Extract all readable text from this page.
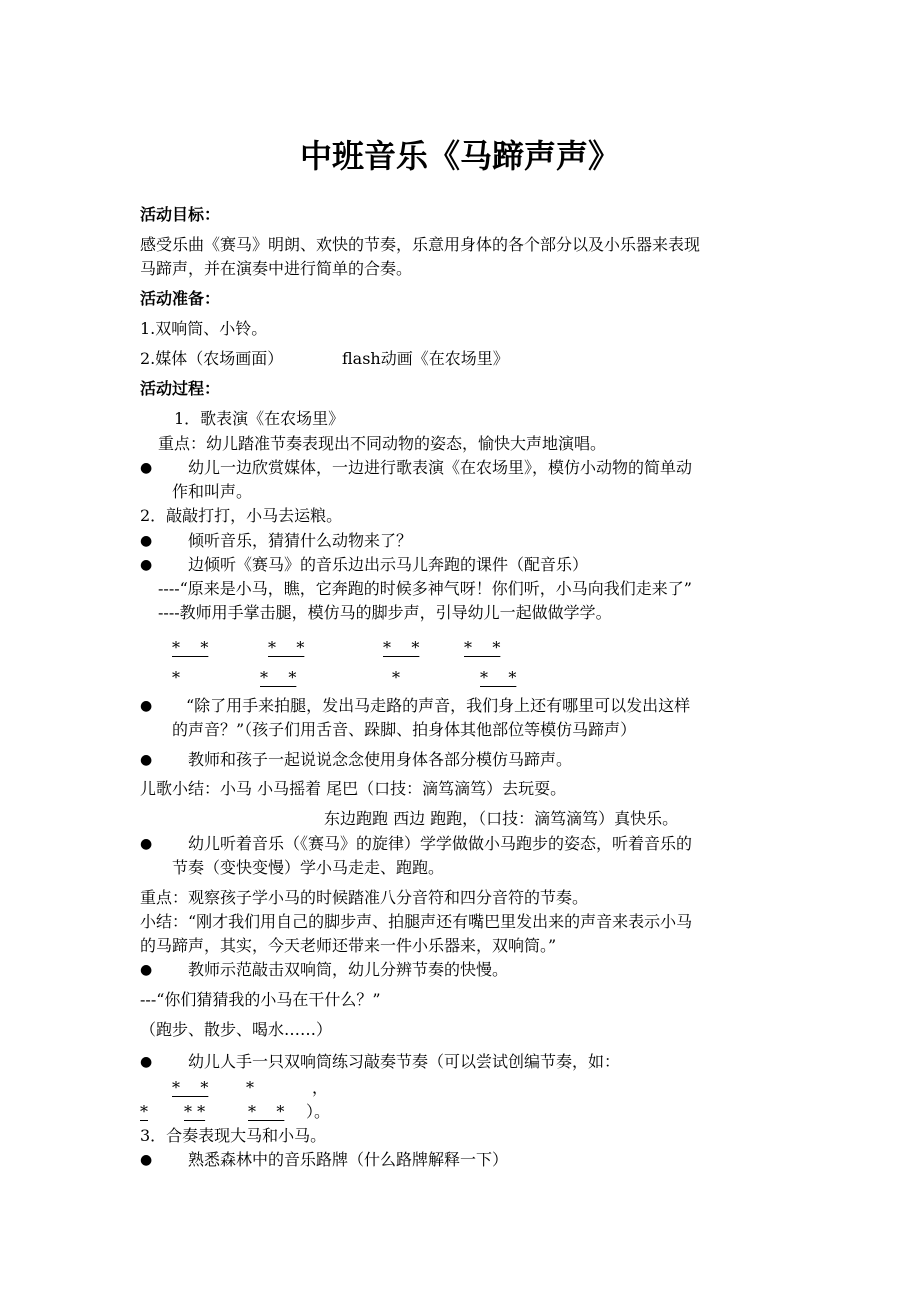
中班音乐《马蹄声声》
活动目标：
感受乐曲《赛马》明朗、欢快的节奏，乐意用身体的各个部分以及小乐器来表现
马蹄声，并在演奏中进行简单的合奏。
活动准备：
1.双响筒、小铃。
2.媒体（农场画面）	flash动画《在农场里》
活动过程：
1．歌表演《在农场里》
重点：幼儿踏准节奏表现出不同动物的姿态，愉快大声地演唱。
● 幼儿一边欣赏媒体，一边进行歌表演《在农场里》，模仿小动物的简单动
作和叫声。
2．敲敲打打，小马去运粮。
● 倾听音乐，猜猜什么动物来了？
● 边倾听《赛马》的音乐边出示马儿奔跑的课件（配音乐）
----“原来是小马，瞧，它奔跑的时候多神气呀！你们听，小马向我们走来了”
----教师用手掌击腿，模仿马的脚步声，引导幼儿一起做做学学。
*    *	*    *	*    *	*    *
*	*    *	*	*    *
● “除了用手来拍腿，发出马走路的声音，我们身上还有哪里可以发出这样
的声音？”（孩子们用舌音、跺脚、拍身体其他部位等模仿马蹄声）
● 教师和孩子一起说说念念使用身体各部分模仿马蹄声。
儿歌小结：小马 小马摇着 尾巴（口技：滴笃滴笃）去玩耍。
东边跑跑 西边 跑跑，（口技：滴笃滴笃）真快乐。
● 幼儿听着音乐（《赛马》的旋律）学学做做小马跑步的姿态，听着音乐的
节奏（变快变慢）学小马走走、跑跑。
重点：观察孩子学小马的时候踏准八分音符和四分音符的节奏。
小结：“刚才我们用自己的脚步声、拍腿声还有嘴巴里发出来的声音来表示小马
的马蹄声，其实，今天老师还带来一件小乐器来，双响筒。”
● 教师示范敲击双响筒，幼儿分辨节奏的快慢。
---“你们猜猜我的小马在干什么？”
（跑步、散步、喝水……）
● 幼儿人手一只双响筒练习敲奏节奏（可以尝试创编节奏，如：
*    * *	，
* * *	*    * ）。
3．合奏表现大马和小马。
● 熟悉森林中的音乐路牌（什么路牌解释一下）
